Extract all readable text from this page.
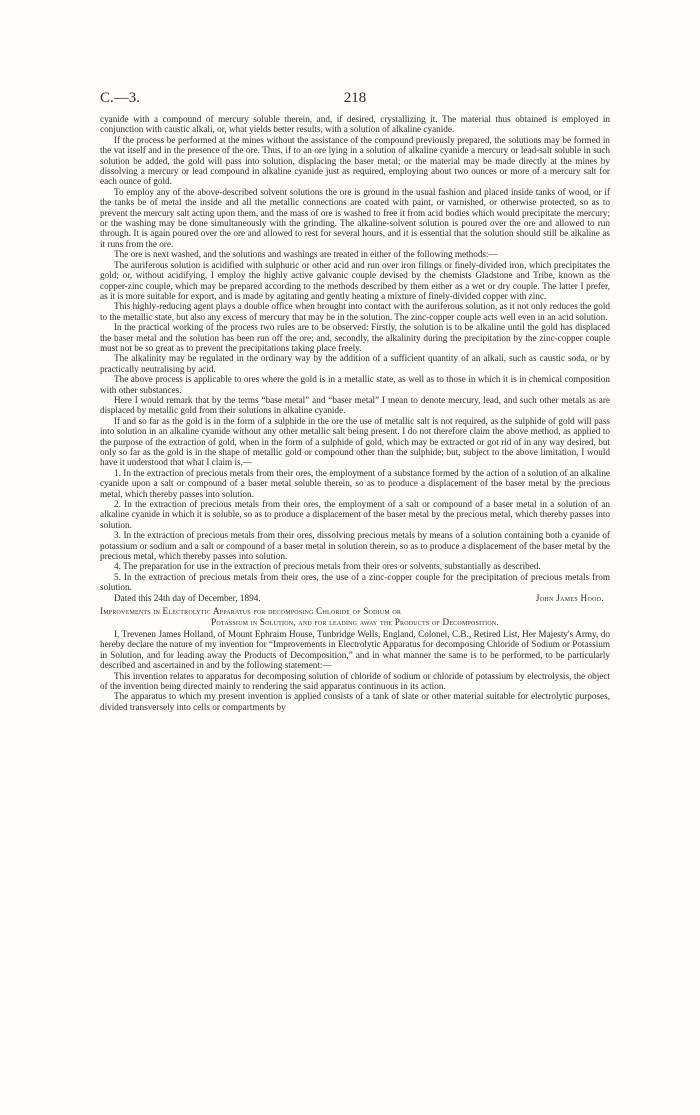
C.—3.	218

cyanide with a compound of mercury soluble therein, and, if desired, crystallizing it. The material thus obtained is employed in conjunction with caustic alkali, or, what yields better results, with a solution of alkaline cyanide.

If the process be performed at the mines without the assistance of the compound previously prepared, the solutions may be formed in the vat itself and in the presence of the ore. Thus, if to an ore lying in a solution of alkaline cyanide a mercury or lead-salt soluble in such solution be added, the gold will pass into solution, displacing the baser metal; or the material may be made directly at the mines by dissolving a mercury or lead compound in alkaline cyanide just as required, employing about two ounces or more of a mercury salt for each ounce of gold.

To employ any of the above-described solvent solutions the ore is ground in the usual fashion and placed inside tanks of wood, or if the tanks be of metal the inside and all the metallic connections are coated with paint, or varnished, or otherwise protected, so as to prevent the mercury salt acting upon them, and the mass of ore is washed to free it from acid bodies which would precipitate the mercury; or the washing may be done simultaneously with the grinding. The alkaline-solvent solution is poured over the ore and allowed to run through. It is again poured over the ore and allowed to rest for several hours, and it is essential that the solution should still be alkaline as it runs from the ore.

The ore is next washed, and the solutions and washings are treated in either of the following methods:—

The auriferous solution is acidified with sulphuric or other acid and run over iron filings or finely-divided iron, which precipitates the gold; or, without acidifying, I employ the highly active galvanic couple devised by the chemists Gladstone and Tribe, known as the copper-zinc couple, which may be prepared according to the methods described by them either as a wet or dry couple. The latter I prefer, as it is more suitable for export, and is made by agitating and gently heating a mixture of finely-divided copper with zinc.

This highly-reducing agent plays a double office when brought into contact with the auriferous solution, as it not only reduces the gold to the metallic state, but also any excess of mercury that may be in the solution. The zinc-copper couple acts well even in an acid solution.

In the practical working of the process two rules are to be observed: Firstly, the solution is to be alkaline until the gold has displaced the baser metal and the solution has been run off the ore; and, secondly, the alkalinity during the precipitation by the zinc-copper couple must not be so great as to prevent the precipitations taking place freely.

The alkalinity may be regulated in the ordinary way by the addition of a sufficient quantity of an alkali, such as caustic soda, or by practically neutralising by acid.

The above process is applicable to ores where the gold is in a metallic state, as well as to those in which it is in chemical composition with other substances.

Here I would remark that by the terms “base metal” and “baser metal” I mean to denote mercury, lead, and such other metals as are displaced by metallic gold from their solutions in alkaline cyanide.

If and so far as the gold is in the form of a sulphide in the ore the use of metallic salt is not required, as the sulphide of gold will pass into solution in an alkaline cyanide without any other metallic salt being present. I do not therefore claim the above method, as applied to the purpose of the extraction of gold, when in the form of a sulphide of gold, which may be extracted or got rid of in any way desired, but only so far as the gold is in the shape of metallic gold or compound other than the sulphide; but, subject to the above limitation, I would have it understood that what I claim is,—

1. In the extraction of precious metals from their ores, the employment of a substance formed by the action of a solution of an alkaline cyanide upon a salt or compound of a baser metal soluble therein, so as to produce a displacement of the baser metal by the precious metal, which thereby passes into solution.

2. In the extraction of precious metals from their ores, the employment of a salt or compound of a baser metal in a solution of an alkaline cyanide in which it is soluble, so as to produce a displacement of the baser metal by the precious metal, which thereby passes into solution.

3. In the extraction of precious metals from their ores, dissolving precious metals by means of a solution containing both a cyanide of potassium or sodium and a salt or compound of a baser metal in solution therein, so as to produce a displacement of the baser metal by the precious metal, which thereby passes into solution.

4. The preparation for use in the extraction of precious metals from their ores or solvents, substantially as described.

5. In the extraction of precious metals from their ores, the use of a zinc-copper couple for the precipitation of precious metals from solution.

Dated this 24th day of December, 1894.	John James Hood.
Improvements in Electrolytic Apparatus for decomposing Chloride of Sodium or
Potassium in Solution, and for leading away the Products of Decomposition.

I, Trevenen James Holland, of Mount Ephraim House, Tunbridge Wells, England, Colonel, C.B., Retired List, Her Majesty's Army, do hereby declare the nature of my invention for “Improvements in Electrolytic Apparatus for decomposing Chloride of Sodium or Potassium in Solution, and for leading away the Products of Decomposition,” and in what manner the same is to be performed, to be particularly described and ascertained in and by the following statement:—

This invention relates to apparatus for decomposing solution of chloride of sodium or chloride of potassium by electrolysis, the object of the invention being directed mainly to rendering the said apparatus continuous in its action.

The apparatus to which my present invention is applied consists of a tank of slate or other material suitable for electrolytic purposes, divided transversely into cells or compartments by
